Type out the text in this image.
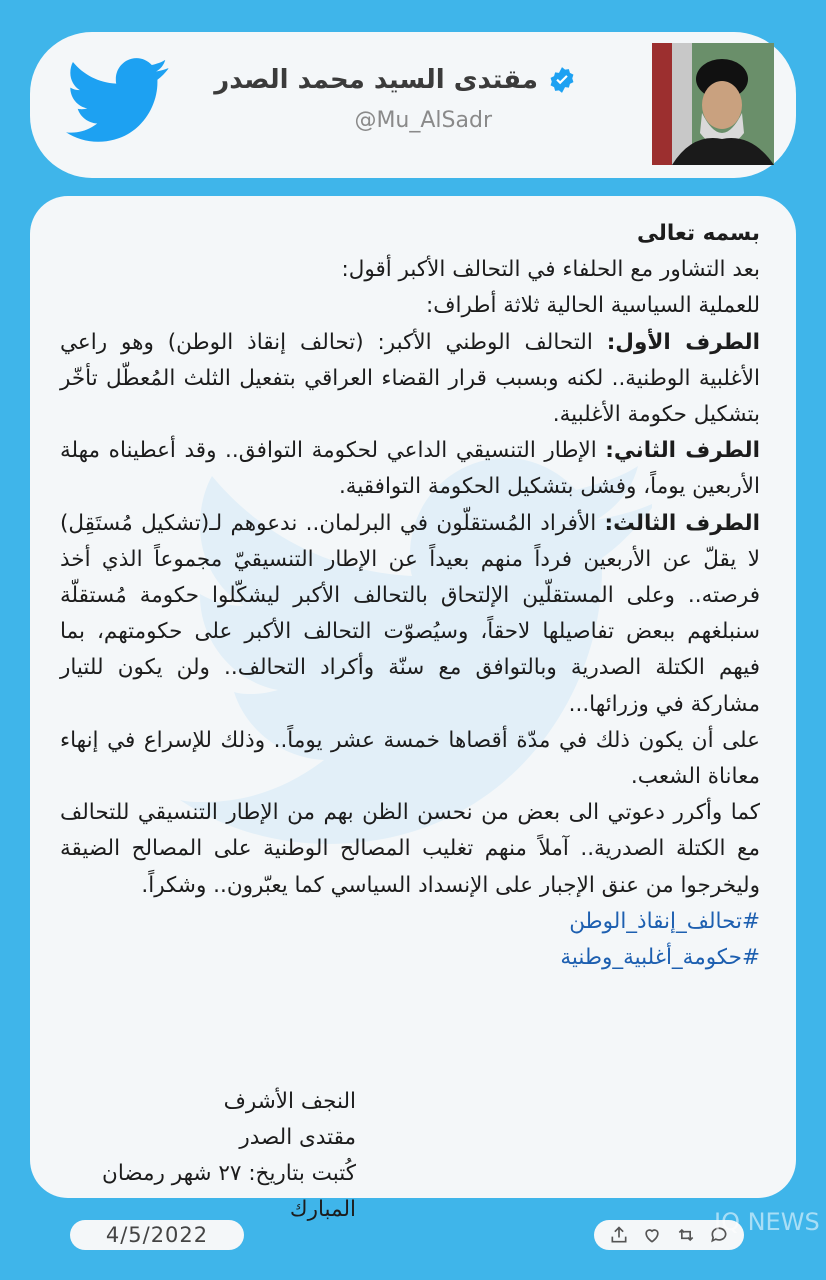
مقتدى السيد محمد الصدر
@Mu_AlSadr

بسمه تعالى

بعد التشاور مع الحلفاء في التحالف الأكبر أقول:

للعملية السياسية الحالية ثلاثة أطراف:

الطرف الأول: التحالف الوطني الأكبر: (تحالف إنقاذ الوطن) وهو راعي الأغلبية الوطنية.. لكنه وبسبب قرار القضاء العراقي بتفعيل الثلث المُعطّل تأخّر بتشكيل حكومة الأغلبية.

الطرف الثاني: الإطار التنسيقي الداعي لحكومة التوافق.. وقد أعطيناه مهلة الأربعين يوماً، وفشل بتشكيل الحكومة التوافقية.

الطرف الثالث: الأفراد المُستقلّون في البرلمان.. ندعوهم لـ(تشكيل مُستَقِل) لا يقلّ عن الأربعين فرداً منهم بعيداً عن الإطار التنسيقيّ مجموعاً الذي أخذ فرصته.. وعلى المستقلّين الإلتحاق بالتحالف الأكبر ليشكّلوا حكومة مُستقلّة سنبلغهم ببعض تفاصيلها لاحقاً، وسيُصوّت التحالف الأكبر على حكومتهم، بما فيهم الكتلة الصدرية وبالتوافق مع سنّة وأكراد التحالف.. ولن يكون للتيار مشاركة في وزرائها...

على أن يكون ذلك في مدّة أقصاها خمسة عشر يوماً.. وذلك للإسراع في إنهاء معاناة الشعب.

كما وأكرر دعوتي الى بعض من نحسن الظن بهم من الإطار التنسيقي للتحالف مع الكتلة الصدرية.. آملاً منهم تغليب المصالح الوطنية على المصالح الضيقة وليخرجوا من عنق الإجبار على الإنسداد السياسي كما يعبّرون.. وشكراً.

#تحالف_إنقاذ_الوطن

#حكومة_أغلبية_وطنية

النجف الأشرف

مقتدى الصدر

كُتبت بتاريخ: ٢٧ شهر رمضان المبارك

4/5/2022	IQ NEWS
